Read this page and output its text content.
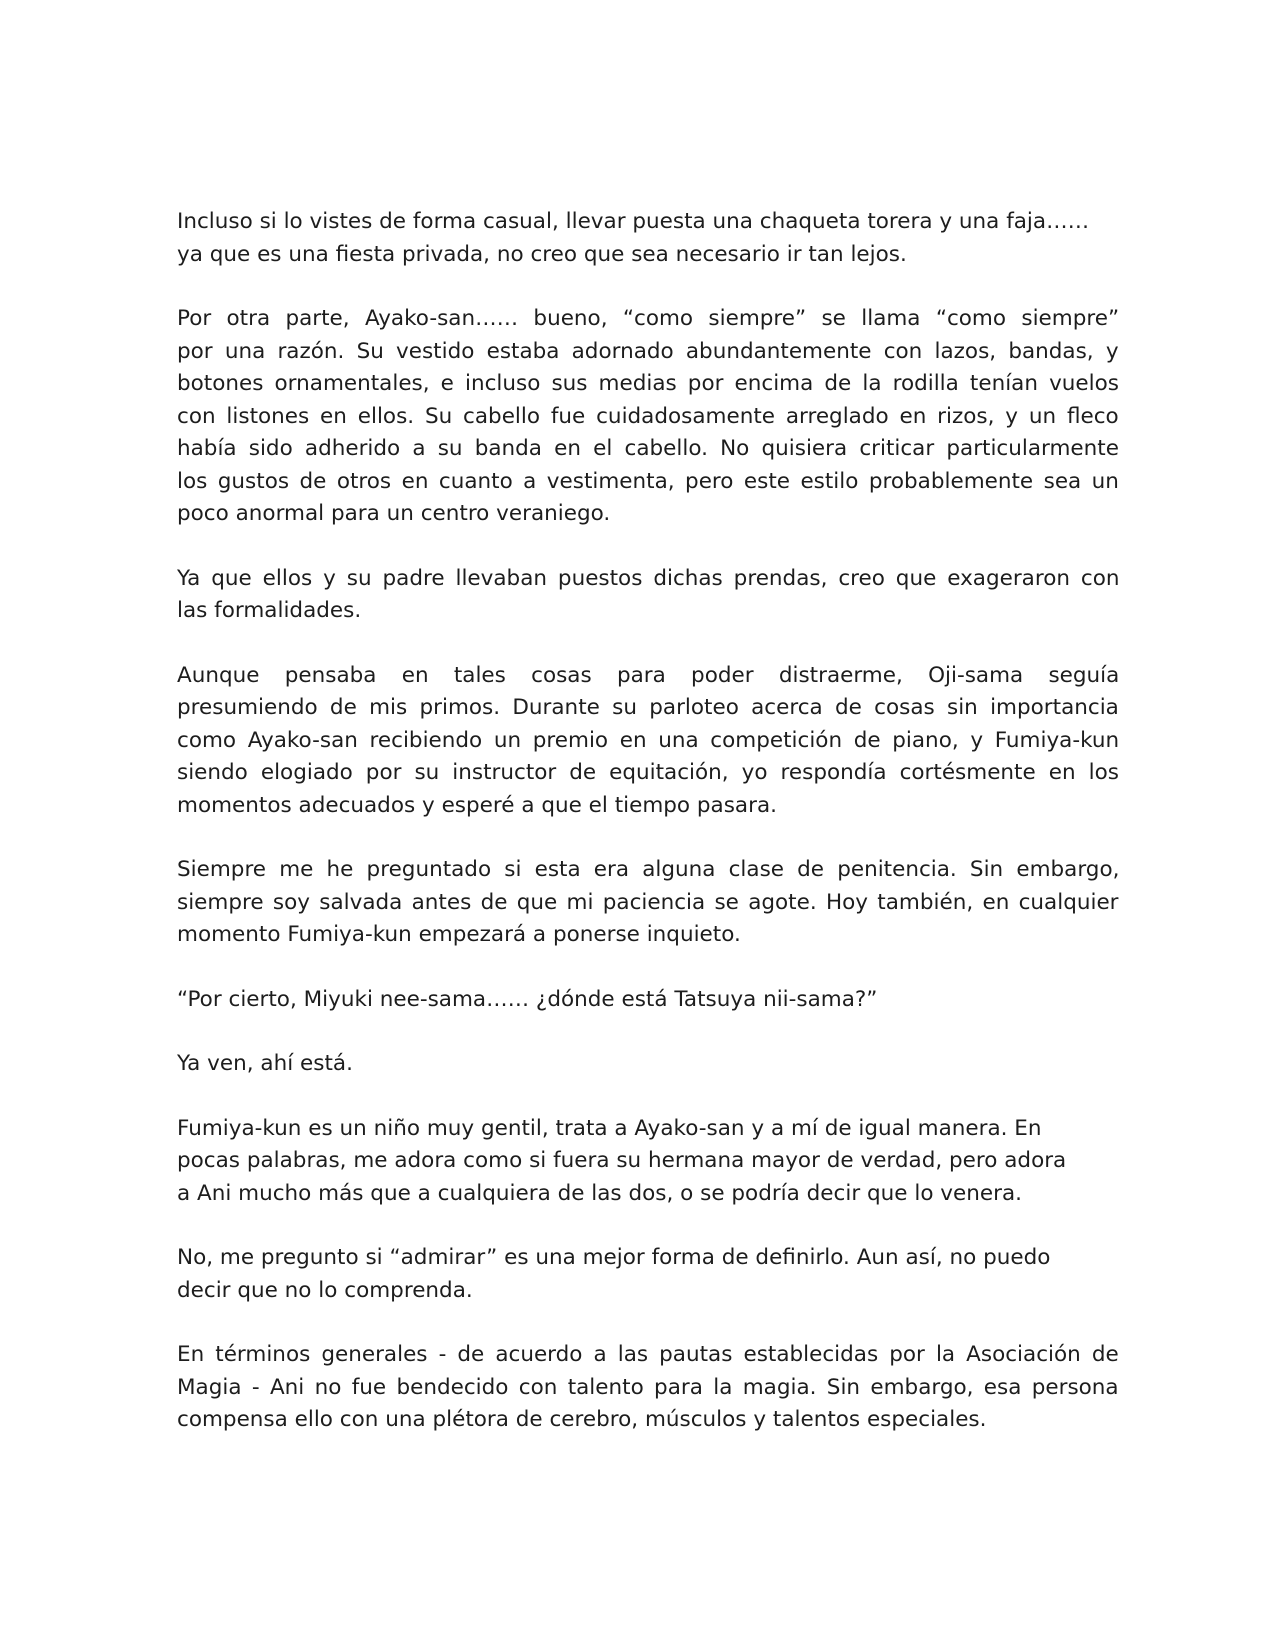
Incluso si lo vistes de forma casual, llevar puesta una chaqueta torera y una faja……
ya que es una fiesta privada, no creo que sea necesario ir tan lejos.

Por otra parte, Ayako-san…… bueno, “como siempre” se llama “como siempre”
por una razón. Su vestido estaba adornado abundantemente con lazos, bandas, y
botones ornamentales, e incluso sus medias por encima de la rodilla tenían vuelos
con listones en ellos. Su cabello fue cuidadosamente arreglado en rizos, y un fleco
había sido adherido a su banda en el cabello. No quisiera criticar particularmente
los gustos de otros en cuanto a vestimenta, pero este estilo probablemente sea un
poco anormal para un centro veraniego.

Ya que ellos y su padre llevaban puestos dichas prendas, creo que exageraron con
las formalidades.

Aunque pensaba en tales cosas para poder distraerme, Oji-sama seguía
presumiendo de mis primos. Durante su parloteo acerca de cosas sin importancia
como Ayako-san recibiendo un premio en una competición de piano, y Fumiya-kun
siendo elogiado por su instructor de equitación, yo respondía cortésmente en los
momentos adecuados y esperé a que el tiempo pasara.

Siempre me he preguntado si esta era alguna clase de penitencia. Sin embargo,
siempre soy salvada antes de que mi paciencia se agote. Hoy también, en cualquier
momento Fumiya-kun empezará a ponerse inquieto.

“Por cierto, Miyuki nee-sama…… ¿dónde está Tatsuya nii-sama?”

Ya ven, ahí está.

Fumiya-kun es un niño muy gentil, trata a Ayako-san y a mí de igual manera. En
pocas palabras, me adora como si fuera su hermana mayor de verdad, pero adora
a Ani mucho más que a cualquiera de las dos, o se podría decir que lo venera.

No, me pregunto si “admirar” es una mejor forma de definirlo. Aun así, no puedo
decir que no lo comprenda.

En términos generales - de acuerdo a las pautas establecidas por la Asociación de
Magia - Ani no fue bendecido con talento para la magia. Sin embargo, esa persona
compensa ello con una plétora de cerebro, músculos y talentos especiales.
